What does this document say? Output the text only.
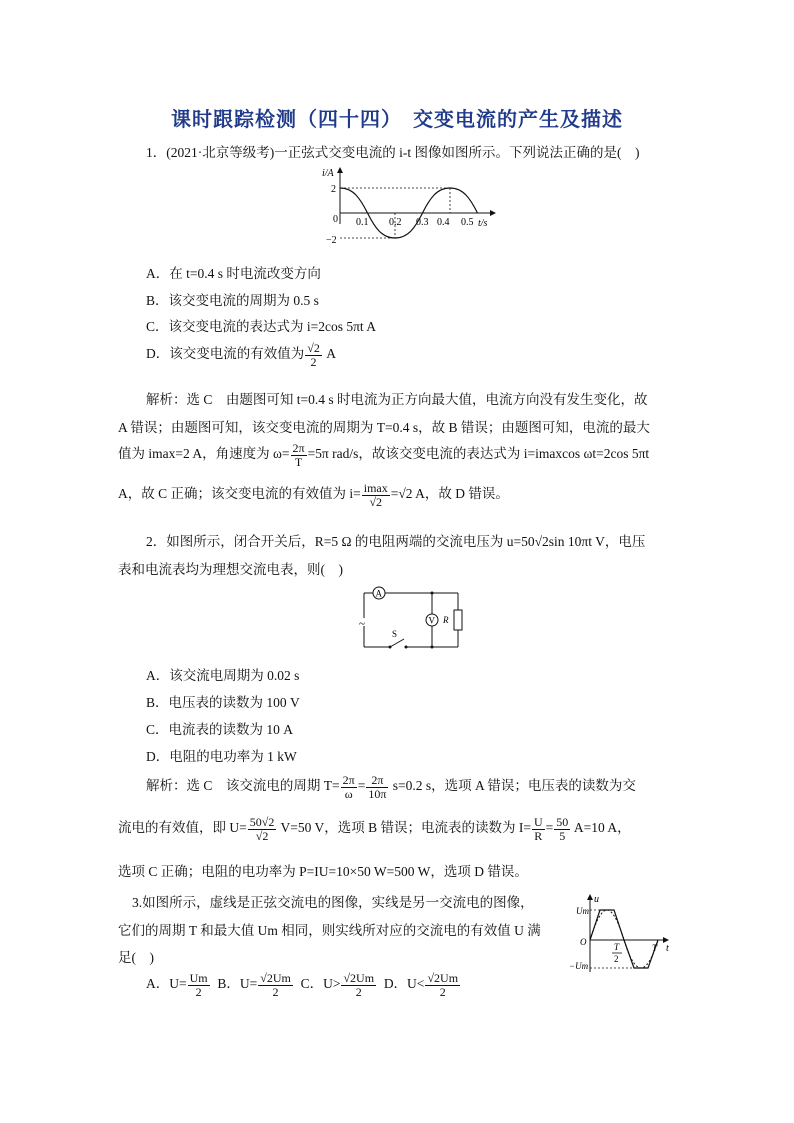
课时跟踪检测（四十四）　交变电流的产生及描述
1．(2021·北京等级考)一正弦式交变电流的 i-t 图像如图所示。下列说法正确的是(　)
i/A
t/s
2
0
−2
0.1 0.2 0.3 0.4 0.5
A．在 t=0.4 s 时电流改变方向
B．该交变电流的周期为 0.5 s
C．该交变电流的表达式为 i=2cos 5πt A
D．该交变电流的有效值为 $\frac{√2}{2}$ A
解析：选 C　由题图可知 t=0.4 s 时电流为正方向最大值，电流方向没有发生变化，故
A 错误；由题图可知，该交变电流的周期为 T=0.4 s，故 B 错误；由题图可知，电流的最大
值为 imax=2 A，角速度为 $\omega= \frac{2\pi}{T} =5\pi$ rad/s，故该交变电流的表达式为 i=imaxcos ωt=2cos 5πt
A，故 C 正确；该交变电流的有效值为 $i= \frac{imax}{√2} =√2$ A，故 D 错误。
2．如图所示，闭合开关后，R=5 Ω 的电阻两端的交流电压为 u=50√2sin 10πt V，电压
表和电流表均为理想交流电表，则(　)
A
V R
~
S
A．该交流电周期为 0.02 s
B．电压表的读数为 100 V
C．电流表的读数为 10 A
D．电阻的电功率为 1 kW
解析：选 C　该交流电的周期 $T= \frac{2\pi}{\omega} = \frac{2\pi}{10\pi} s=0.2$ s，选项 A 错误；电压表的读数为交
流电的有效值，即 $U= \frac{50√2}{√2} V=50$ V，选项 B 错误；电流表的读数为 $I= \frac{U}{R} = \frac{50}{5} A=10$ A，
选项 C 正确；电阻的电功率为 P=IU=10×50 W=500 W，选项 D 错误。
3.如图所示，虚线是正弦交流电的图像，实线是另一交流电的图像，
它们的周期 T 和最大值 Um 相同，则实线所对应的交流电的有效值 U 满
足(　)
u
t
Um
−Um
O	T
2
T
A．$U= \frac{Um}{2}$ B．$U= \frac{√2Um}{2}$ C．$U> \frac{√2Um}{2}$ D．$U< \frac{√2Um}{2}$
